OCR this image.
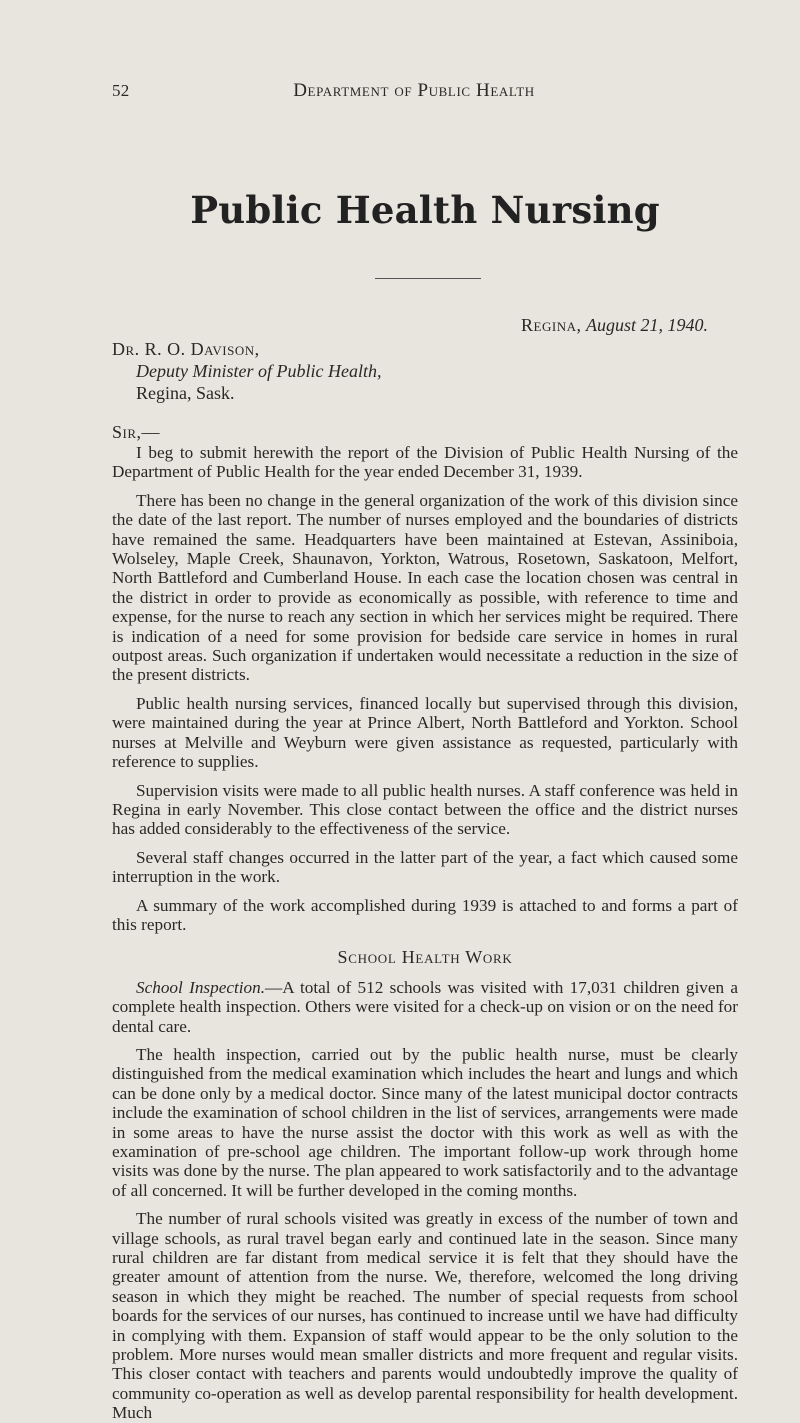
52	Department of Public Health
Public Health Nursing
Regina, August 21, 1940.
Dr. R. O. Davison,
Deputy Minister of Public Health,
Regina, Sask.
Sir,—

I beg to submit herewith the report of the Division of Public Health Nursing of the Department of Public Health for the year ended December 31, 1939.

There has been no change in the general organization of the work of this division since the date of the last report. The number of nurses employed and the boundaries of districts have remained the same. Headquarters have been maintained at Estevan, Assiniboia, Wolseley, Maple Creek, Shaunavon, Yorkton, Watrous, Rosetown, Saskatoon, Melfort, North Battleford and Cumberland House. In each case the location chosen was central in the district in order to provide as economically as possible, with reference to time and expense, for the nurse to reach any section in which her services might be required. There is indication of a need for some provision for bedside care service in homes in rural outpost areas. Such organization if undertaken would necessitate a reduction in the size of the present districts.

Public health nursing services, financed locally but supervised through this division, were maintained during the year at Prince Albert, North Battleford and Yorkton. School nurses at Melville and Weyburn were given assistance as requested, particularly with reference to supplies.

Supervision visits were made to all public health nurses. A staff conference was held in Regina in early November. This close contact between the office and the district nurses has added considerably to the effectiveness of the service.

Several staff changes occurred in the latter part of the year, a fact which caused some interruption in the work.

A summary of the work accomplished during 1939 is attached to and forms a part of this report.

School Health Work

School Inspection.—A total of 512 schools was visited with 17,031 children given a complete health inspection. Others were visited for a check-up on vision or on the need for dental care.

The health inspection, carried out by the public health nurse, must be clearly distinguished from the medical examination which includes the heart and lungs and which can be done only by a medical doctor. Since many of the latest municipal doctor contracts include the examination of school children in the list of services, arrangements were made in some areas to have the nurse assist the doctor with this work as well as with the examination of pre-school age children. The important follow-up work through home visits was done by the nurse. The plan appeared to work satisfactorily and to the advantage of all concerned. It will be further developed in the coming months.

The number of rural schools visited was greatly in excess of the number of town and village schools, as rural travel began early and continued late in the season. Since many rural children are far distant from medical service it is felt that they should have the greater amount of attention from the nurse. We, therefore, welcomed the long driving season in which they might be reached. The number of special requests from school boards for the services of our nurses, has continued to increase until we have had difficulty in complying with them. Expansion of staff would appear to be the only solution to the problem. More nurses would mean smaller districts and more frequent and regular visits. This closer contact with teachers and parents would undoubtedly improve the quality of community co-operation as well as develop parental responsibility for health development. Much
